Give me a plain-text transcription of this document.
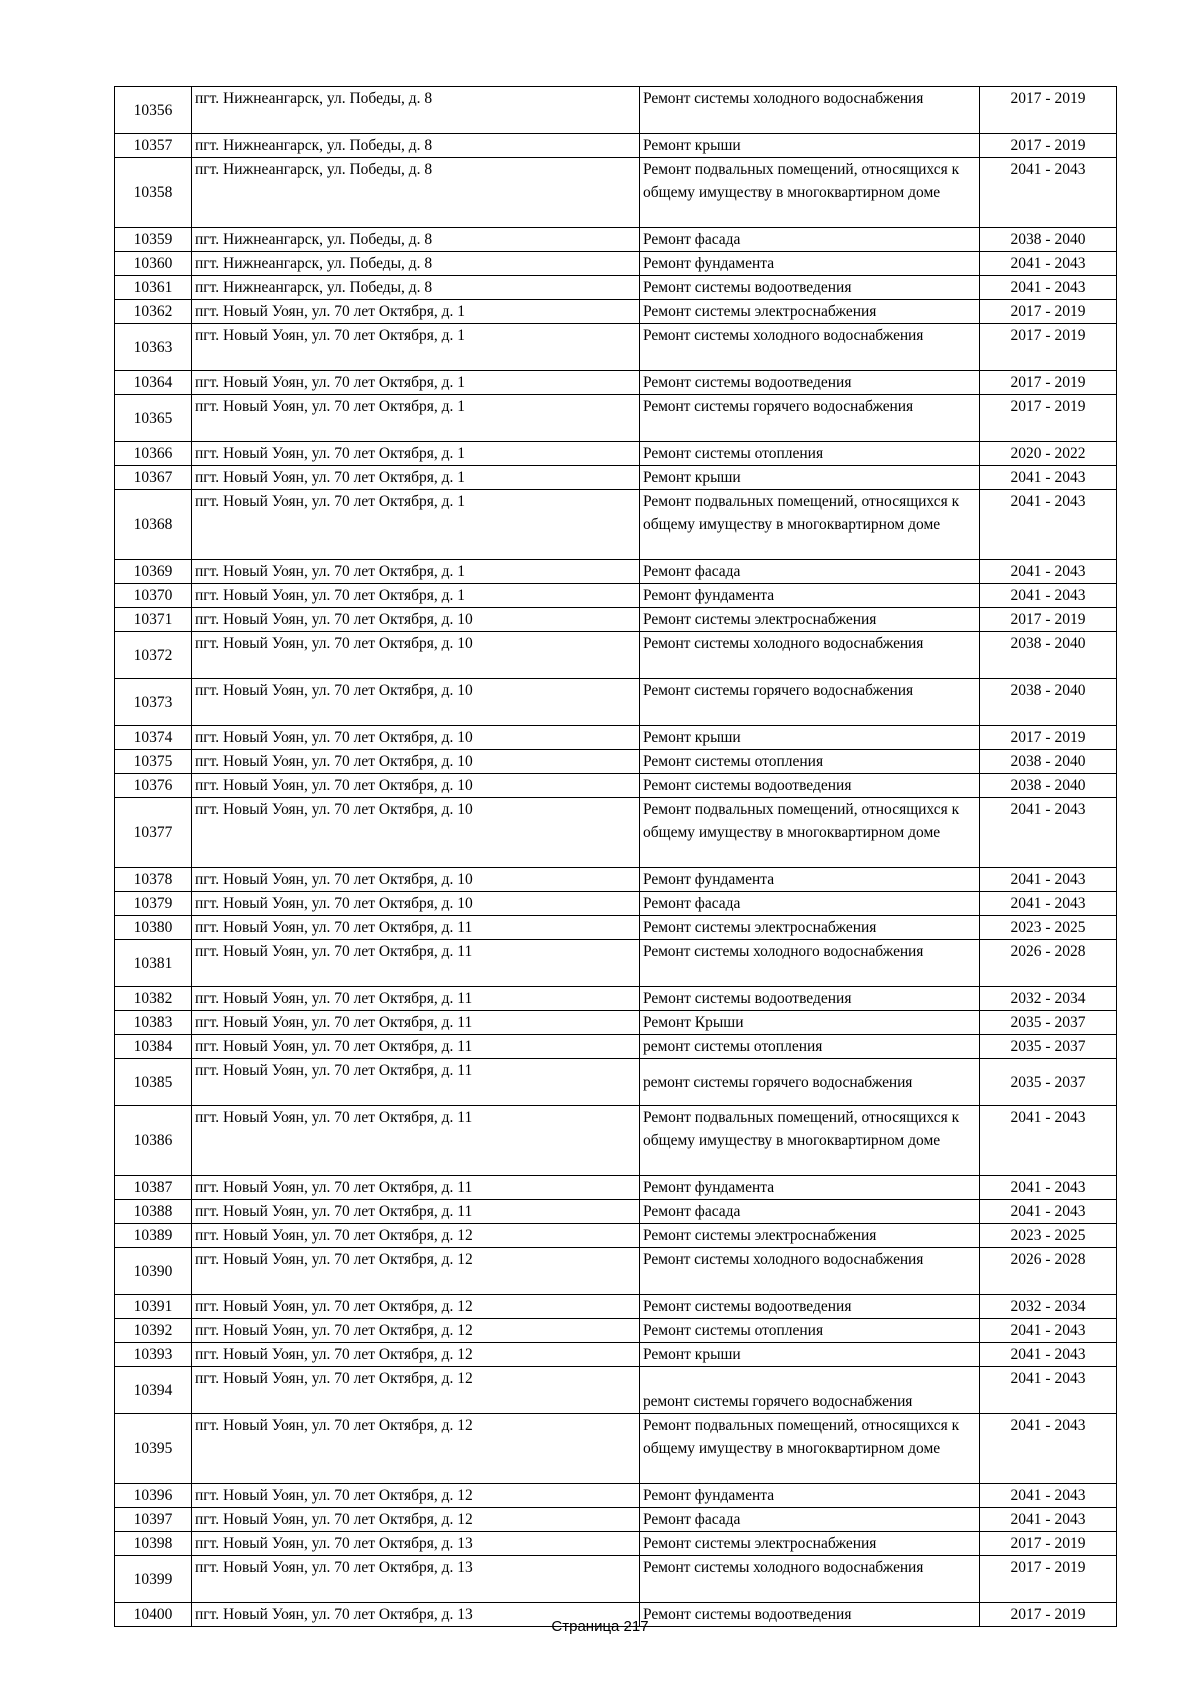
10356	пгт. Нижнеангарск, ул. Победы, д. 8	Ремонт системы холодного водоснабжения	2017 - 2019
10357	пгт. Нижнеангарск, ул. Победы, д. 8	Ремонт крыши	2017 - 2019
10358	пгт. Нижнеангарск, ул. Победы, д. 8	Ремонт подвальных помещений, относящихся к общему имуществу в многоквартирном доме	2041 - 2043
10359	пгт. Нижнеангарск, ул. Победы, д. 8	Ремонт фасада	2038 - 2040
10360	пгт. Нижнеангарск, ул. Победы, д. 8	Ремонт фундамента	2041 - 2043
10361	пгт. Нижнеангарск, ул. Победы, д. 8	Ремонт системы водоотведения	2041 - 2043
10362	пгт. Новый Уоян, ул. 70 лет Октября, д. 1	Ремонт системы электроснабжения	2017 - 2019
10363	пгт. Новый Уоян, ул. 70 лет Октября, д. 1	Ремонт системы холодного водоснабжения	2017 - 2019
10364	пгт. Новый Уоян, ул. 70 лет Октября, д. 1	Ремонт системы водоотведения	2017 - 2019
10365	пгт. Новый Уоян, ул. 70 лет Октября, д. 1	Ремонт системы горячего водоснабжения	2017 - 2019
10366	пгт. Новый Уоян, ул. 70 лет Октября, д. 1	Ремонт системы отопления	2020 - 2022
10367	пгт. Новый Уоян, ул. 70 лет Октября, д. 1	Ремонт крыши	2041 - 2043
10368	пгт. Новый Уоян, ул. 70 лет Октября, д. 1	Ремонт подвальных помещений, относящихся к общему имуществу в многоквартирном доме	2041 - 2043
10369	пгт. Новый Уоян, ул. 70 лет Октября, д. 1	Ремонт фасада	2041 - 2043
10370	пгт. Новый Уоян, ул. 70 лет Октября, д. 1	Ремонт фундамента	2041 - 2043
10371	пгт. Новый Уоян, ул. 70 лет Октября, д. 10	Ремонт системы электроснабжения	2017 - 2019
10372	пгт. Новый Уоян, ул. 70 лет Октября, д. 10	Ремонт системы холодного водоснабжения	2038 - 2040
10373	пгт. Новый Уоян, ул. 70 лет Октября, д. 10	Ремонт системы горячего водоснабжения	2038 - 2040
10374	пгт. Новый Уоян, ул. 70 лет Октября, д. 10	Ремонт крыши	2017 - 2019
10375	пгт. Новый Уоян, ул. 70 лет Октября, д. 10	Ремонт системы отопления	2038 - 2040
10376	пгт. Новый Уоян, ул. 70 лет Октября, д. 10	Ремонт системы водоотведения	2038 - 2040
10377	пгт. Новый Уоян, ул. 70 лет Октября, д. 10	Ремонт подвальных помещений, относящихся к общему имуществу в многоквартирном доме	2041 - 2043
10378	пгт. Новый Уоян, ул. 70 лет Октября, д. 10	Ремонт фундамента	2041 - 2043
10379	пгт. Новый Уоян, ул. 70 лет Октября, д. 10	Ремонт фасада	2041 - 2043
10380	пгт. Новый Уоян, ул. 70 лет Октября, д. 11	Ремонт системы электроснабжения	2023 - 2025
10381	пгт. Новый Уоян, ул. 70 лет Октября, д. 11	Ремонт системы холодного водоснабжения	2026 - 2028
10382	пгт. Новый Уоян, ул. 70 лет Октября, д. 11	Ремонт системы водоотведения	2032 - 2034
10383	пгт. Новый Уоян, ул. 70 лет Октября, д. 11	Ремонт Крыши	2035 - 2037
10384	пгт. Новый Уоян, ул. 70 лет Октября, д. 11	ремонт системы отопления	2035 - 2037
10385	пгт. Новый Уоян, ул. 70 лет Октября, д. 11	ремонт системы горячего водоснабжения	2035 - 2037
10386	пгт. Новый Уоян, ул. 70 лет Октября, д. 11	Ремонт подвальных помещений, относящихся к общему имуществу в многоквартирном доме	2041 - 2043
10387	пгт. Новый Уоян, ул. 70 лет Октября, д. 11	Ремонт фундамента	2041 - 2043
10388	пгт. Новый Уоян, ул. 70 лет Октября, д. 11	Ремонт фасада	2041 - 2043
10389	пгт. Новый Уоян, ул. 70 лет Октября, д. 12	Ремонт системы электроснабжения	2023 - 2025
10390	пгт. Новый Уоян, ул. 70 лет Октября, д. 12	Ремонт системы холодного водоснабжения	2026 - 2028
10391	пгт. Новый Уоян, ул. 70 лет Октября, д. 12	Ремонт системы водоотведения	2032 - 2034
10392	пгт. Новый Уоян, ул. 70 лет Октября, д. 12	Ремонт системы отопления	2041 - 2043
10393	пгт. Новый Уоян, ул. 70 лет Октября, д. 12	Ремонт крыши	2041 - 2043
10394	пгт. Новый Уоян, ул. 70 лет Октября, д. 12	ремонт системы горячего водоснабжения	2041 - 2043
10395	пгт. Новый Уоян, ул. 70 лет Октября, д. 12	Ремонт подвальных помещений, относящихся к общему имуществу в многоквартирном доме	2041 - 2043
10396	пгт. Новый Уоян, ул. 70 лет Октября, д. 12	Ремонт фундамента	2041 - 2043
10397	пгт. Новый Уоян, ул. 70 лет Октября, д. 12	Ремонт фасада	2041 - 2043
10398	пгт. Новый Уоян, ул. 70 лет Октября, д. 13	Ремонт системы электроснабжения	2017 - 2019
10399	пгт. Новый Уоян, ул. 70 лет Октября, д. 13	Ремонт системы холодного водоснабжения	2017 - 2019
10400	пгт. Новый Уоян, ул. 70 лет Октября, д. 13	Ремонт системы водоотведения	2017 - 2019
Страница 217
